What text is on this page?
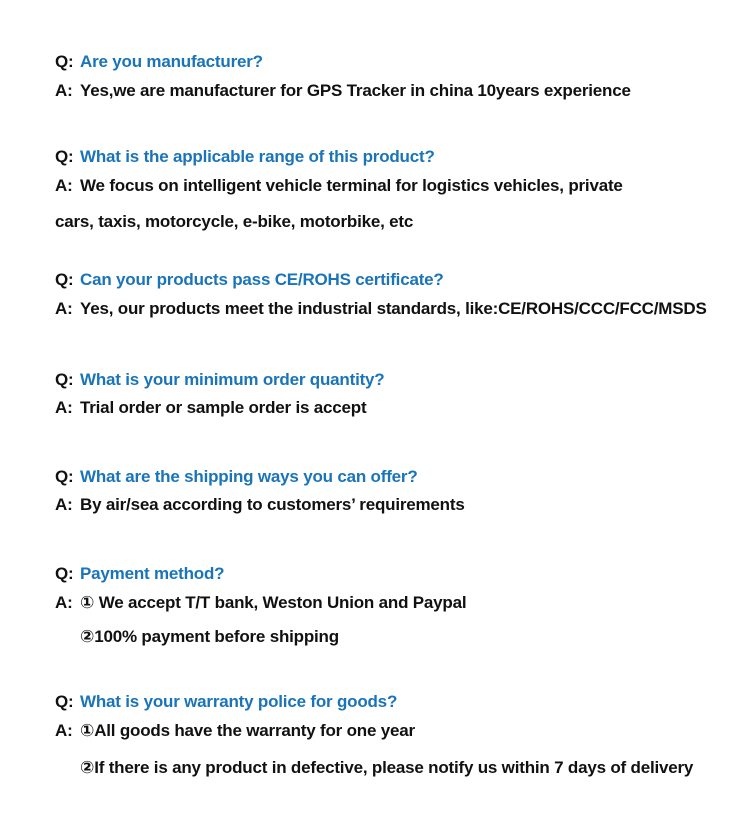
Q: Are you manufacturer?
A: Yes,we are manufacturer for GPS Tracker in china 10years experience
Q: What is the applicable range of this product?
A: We focus on intelligent vehicle terminal for logistics vehicles, private
cars, taxis, motorcycle, e-bike, motorbike, etc
Q: Can your products pass CE/ROHS certificate?
A: Yes, our products meet the industrial standards, like:CE/ROHS/CCC/FCC/MSDS
Q: What is your minimum order quantity?
A: Trial order or sample order is accept
Q: What are the shipping ways you can offer?
A: By air/sea according to customers’ requirements
Q: Payment method?
A: ① We accept T/T bank, Weston Union and Paypal
②100% payment before shipping
Q: What is your warranty police for goods?
A: ①All goods have the warranty for one year
②If there is any product in defective, please notify us within 7 days of delivery
